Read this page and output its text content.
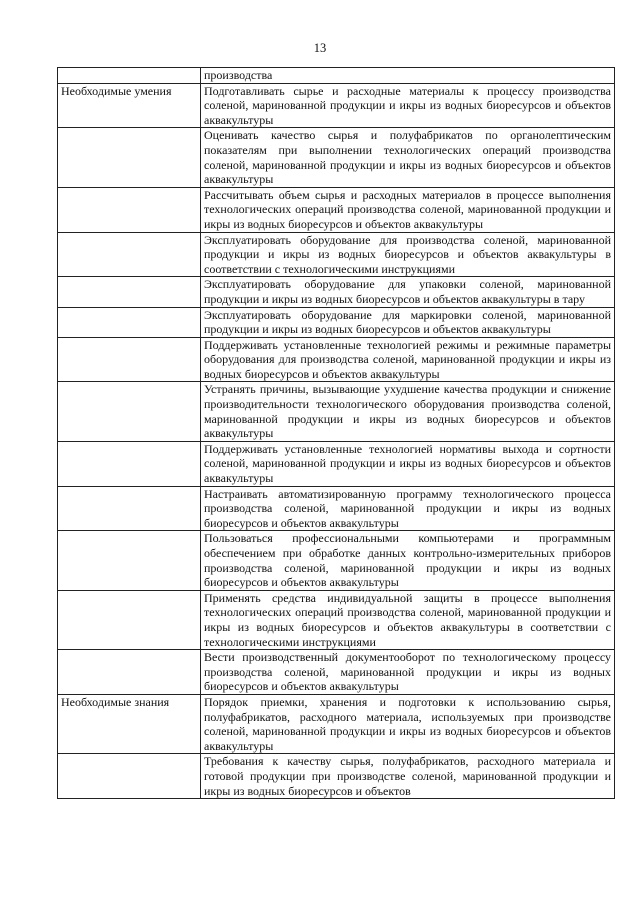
13
	производства
Необходимые умения	Подготавливать сырье и расходные материалы к процессу производства соленой, маринованной продукции и икры из водных биоресурсов и объектов аквакультуры
	Оценивать качество сырья и полуфабрикатов по органолептическим показателям при выполнении технологических операций производства соленой, маринованной продукции и икры из водных биоресурсов и объектов аквакультуры
	Рассчитывать объем сырья и расходных материалов в процессе выполнения технологических операций производства соленой, маринованной продукции и икры из водных биоресурсов и объектов аквакультуры
	Эксплуатировать оборудование для производства соленой, маринованной продукции и икры из водных биоресурсов и объектов аквакультуры в соответствии с технологическими инструкциями
	Эксплуатировать оборудование для упаковки соленой, маринованной продукции и икры из водных биоресурсов и объектов аквакультуры в тару
	Эксплуатировать оборудование для маркировки соленой, маринованной продукции и икры из водных биоресурсов и объектов аквакультуры
	Поддерживать установленные технологией режимы и режимные параметры оборудования для производства соленой, маринованной продукции и икры из водных биоресурсов и объектов аквакультуры
	Устранять причины, вызывающие ухудшение качества продукции и снижение производительности технологического оборудования производства соленой, маринованной продукции и икры из водных биоресурсов и объектов аквакультуры
	Поддерживать установленные технологией нормативы выхода и сортности соленой, маринованной продукции и икры из водных биоресурсов и объектов аквакультуры
	Настраивать автоматизированную программу технологического процесса производства соленой, маринованной продукции и икры из водных биоресурсов и объектов аквакультуры
	Пользоваться профессиональными компьютерами и программным обеспечением при обработке данных контрольно-измерительных приборов производства соленой, маринованной продукции и икры из водных биоресурсов и объектов аквакультуры
	Применять средства индивидуальной защиты в процессе выполнения технологических операций производства соленой, маринованной продукции и икры из водных биоресурсов и объектов аквакультуры в соответствии с технологическими инструкциями
	Вести производственный документооборот по технологическому процессу производства соленой, маринованной продукции и икры из водных биоресурсов и объектов аквакультуры
Необходимые знания	Порядок приемки, хранения и подготовки к использованию сырья, полуфабрикатов, расходного материала, используемых при производстве соленой, маринованной продукции и икры из водных биоресурсов и объектов аквакультуры
	Требования к качеству сырья, полуфабрикатов, расходного материала и готовой продукции при производстве соленой, маринованной продукции и икры из водных биоресурсов и объектов
